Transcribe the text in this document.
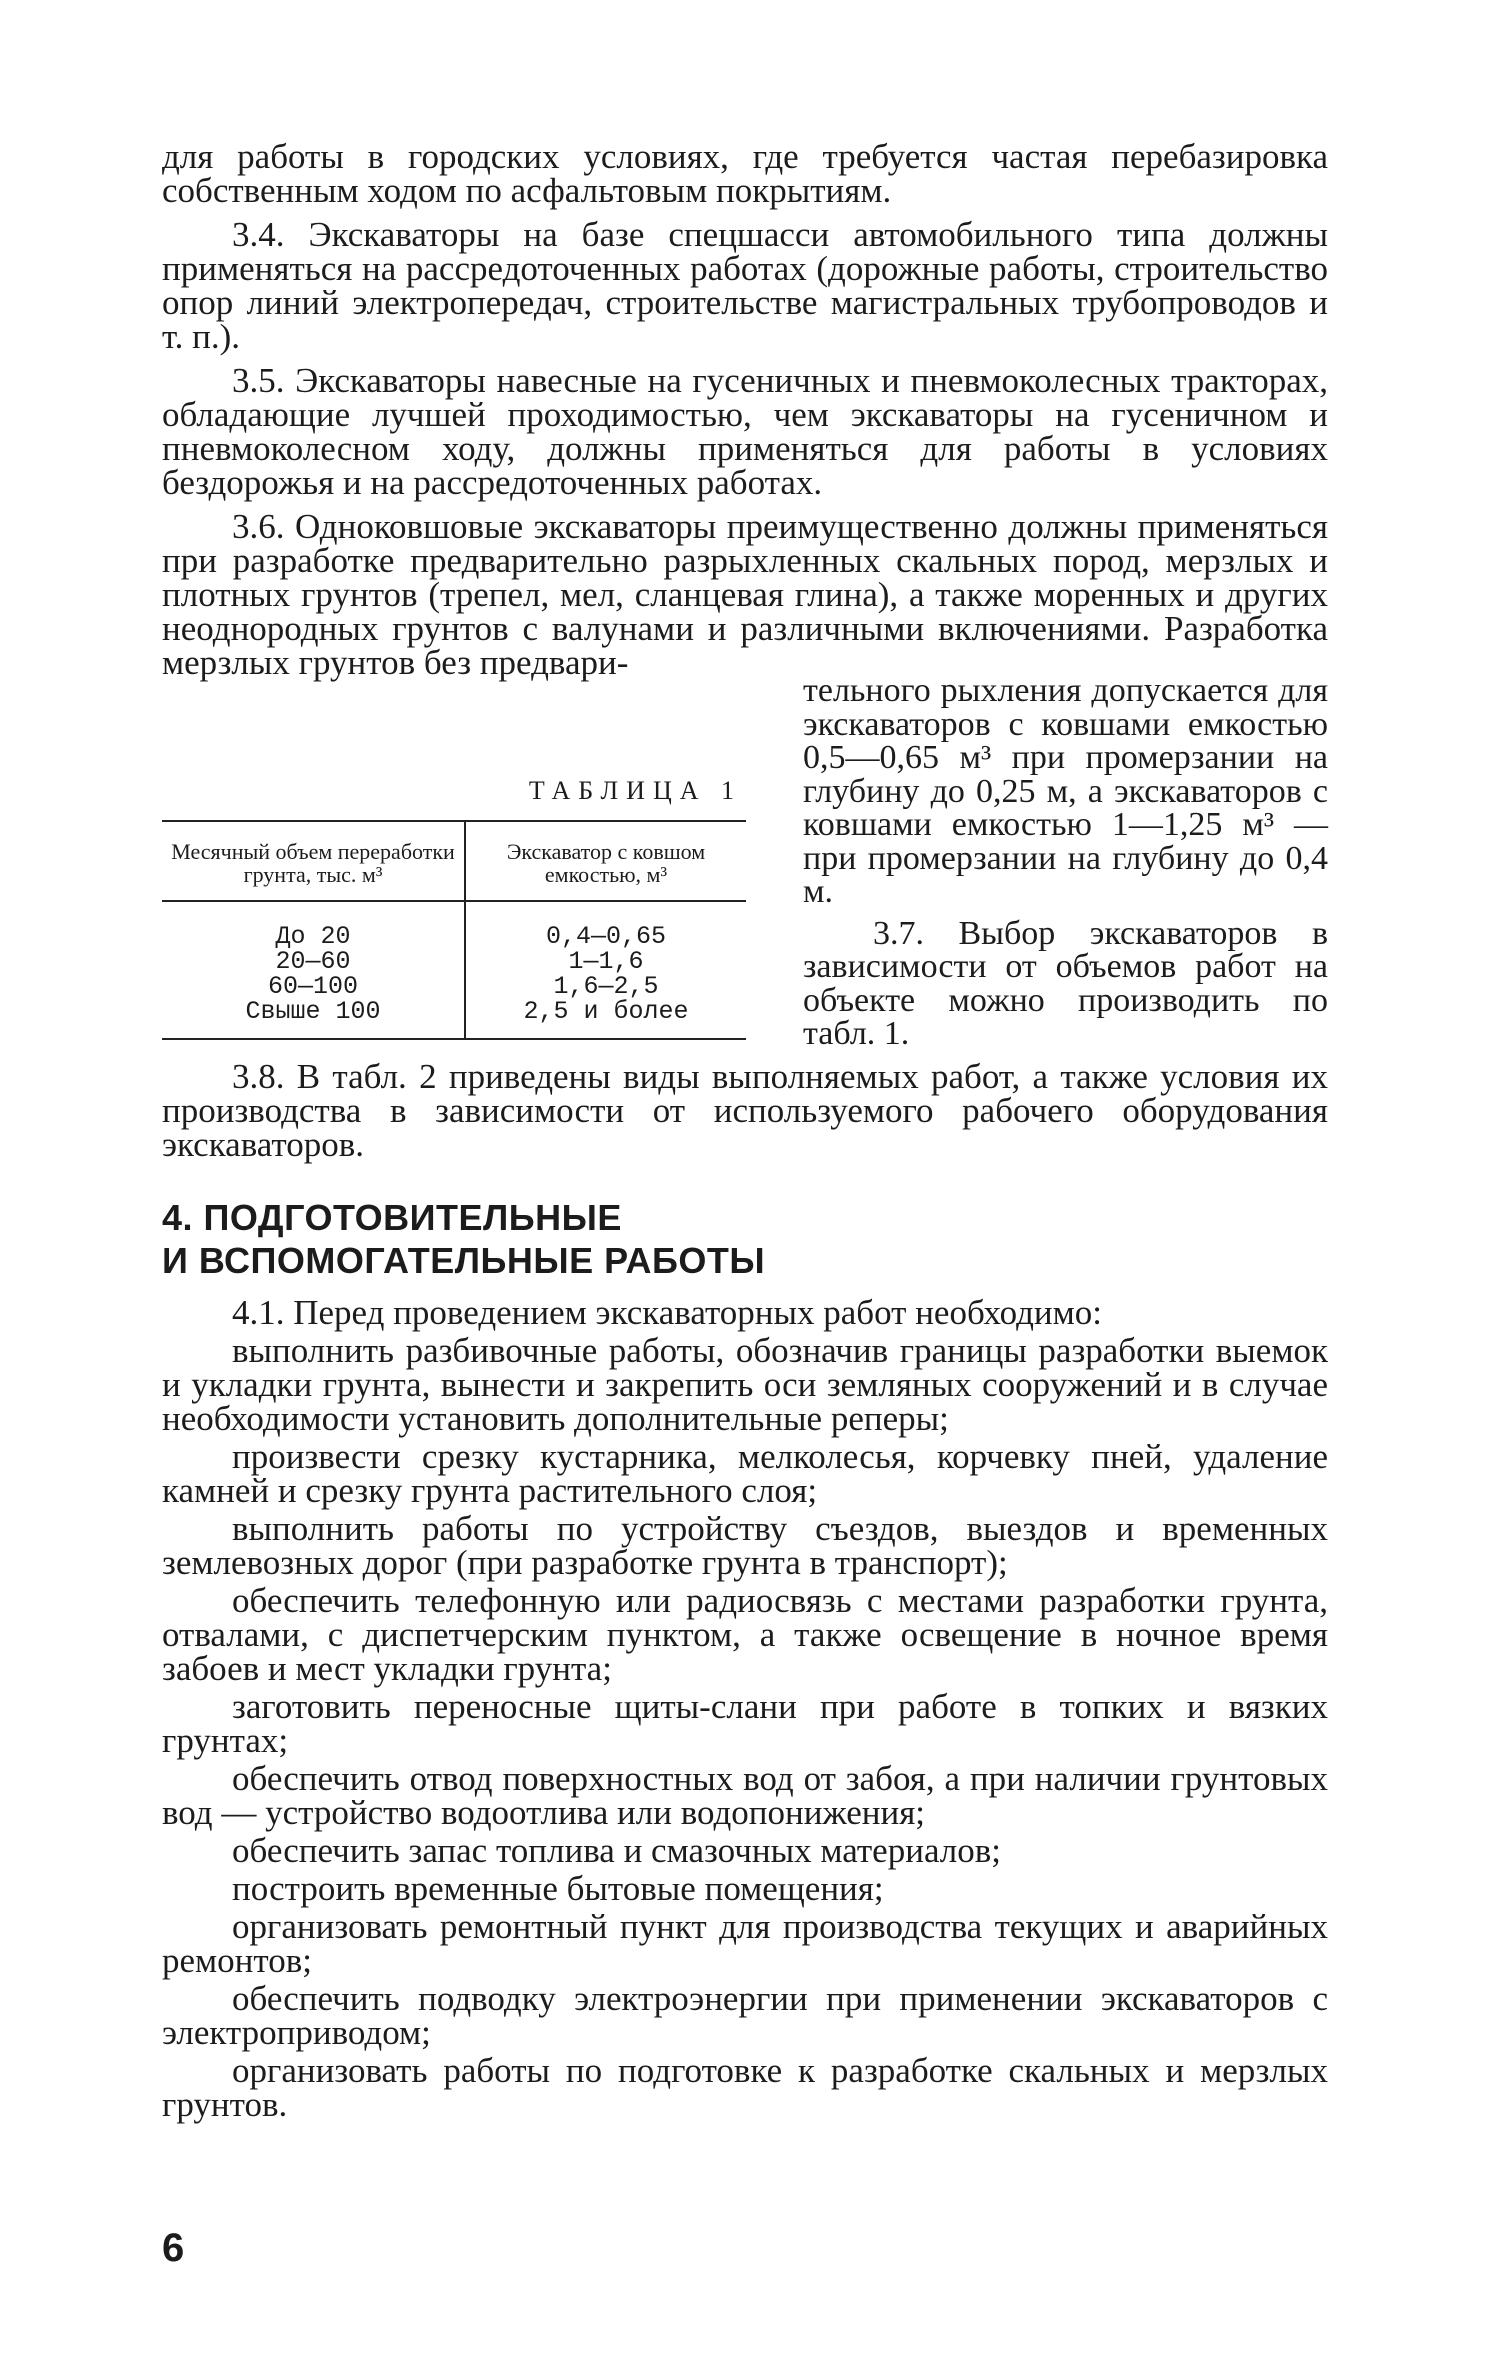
для работы в городских условиях, где требуется частая перебазировка собственным ходом по асфальтовым покрытиям.

3.4. Экскаваторы на базе спецшасси автомобильного типа должны применяться на рассредоточенных работах (дорожные работы, строительство опор линий электропередач, строительстве магистральных трубопроводов и т. п.).

3.5. Экскаваторы навесные на гусеничных и пневмоколесных тракторах, обладающие лучшей проходимостью, чем экскаваторы на гусеничном и пневмоколесном ходу, должны применяться для работы в условиях бездорожья и на рассредоточенных работах.

3.6. Одноковшовые экскаваторы преимущественно должны применяться при разработке предварительно разрыхленных скальных пород, мерзлых и плотных грунтов (трепел, мел, сланцевая глина), а также моренных и других неоднородных грунтов с валунами и различными включениями. Разработка мерзлых грунтов без предвари-

ТАБЛИЦА 1

Месячный объем переработки грунта, тыс. м³
Экскаватор с ковшом емкостью, м³
До 20
20—60
60—100
Свыше 100
0,4—0,65
1—1,6
1,6—2,5
2,5 и более

тельного рыхления допускается для экскаваторов с ковшами емкостью 0,5—0,65 м³ при промерзании на глубину до 0,25 м, а экскаваторов с ковшами емкостью 1—1,25 м³ — при промерзании на глубину до 0,4 м.

3.7. Выбор экскаваторов в зависимости от объемов работ на объекте можно производить по табл. 1.

3.8. В табл. 2 приведены виды выполняемых работ, а также условия их производства в зависимости от используемого рабочего оборудования экскаваторов.

4. ПОДГОТОВИТЕЛЬНЫЕ
И ВСПОМОГАТЕЛЬНЫЕ РАБОТЫ

4.1. Перед проведением экскаваторных работ необходимо:

выполнить разбивочные работы, обозначив границы разработки выемок и укладки грунта, вынести и закрепить оси земляных сооружений и в случае необходимости установить дополнительные реперы;

произвести срезку кустарника, мелколесья, корчевку пней, удаление камней и срезку грунта растительного слоя;

выполнить работы по устройству съездов, выездов и временных землевозных дорог (при разработке грунта в транспорт);

обеспечить телефонную или радиосвязь с местами разработки грунта, отвалами, с диспетчерским пунктом, а также освещение в ночное время забоев и мест укладки грунта;

заготовить переносные щиты-слани при работе в топких и вязких грунтах;

обеспечить отвод поверхностных вод от забоя, а при наличии грунтовых вод — устройство водоотлива или водопонижения;

обеспечить запас топлива и смазочных материалов;

построить временные бытовые помещения;

организовать ремонтный пункт для производства текущих и аварийных ремонтов;

обеспечить подводку электроэнергии при применении экскаваторов с электроприводом;

организовать работы по подготовке к разработке скальных и мерзлых грунтов.

6
